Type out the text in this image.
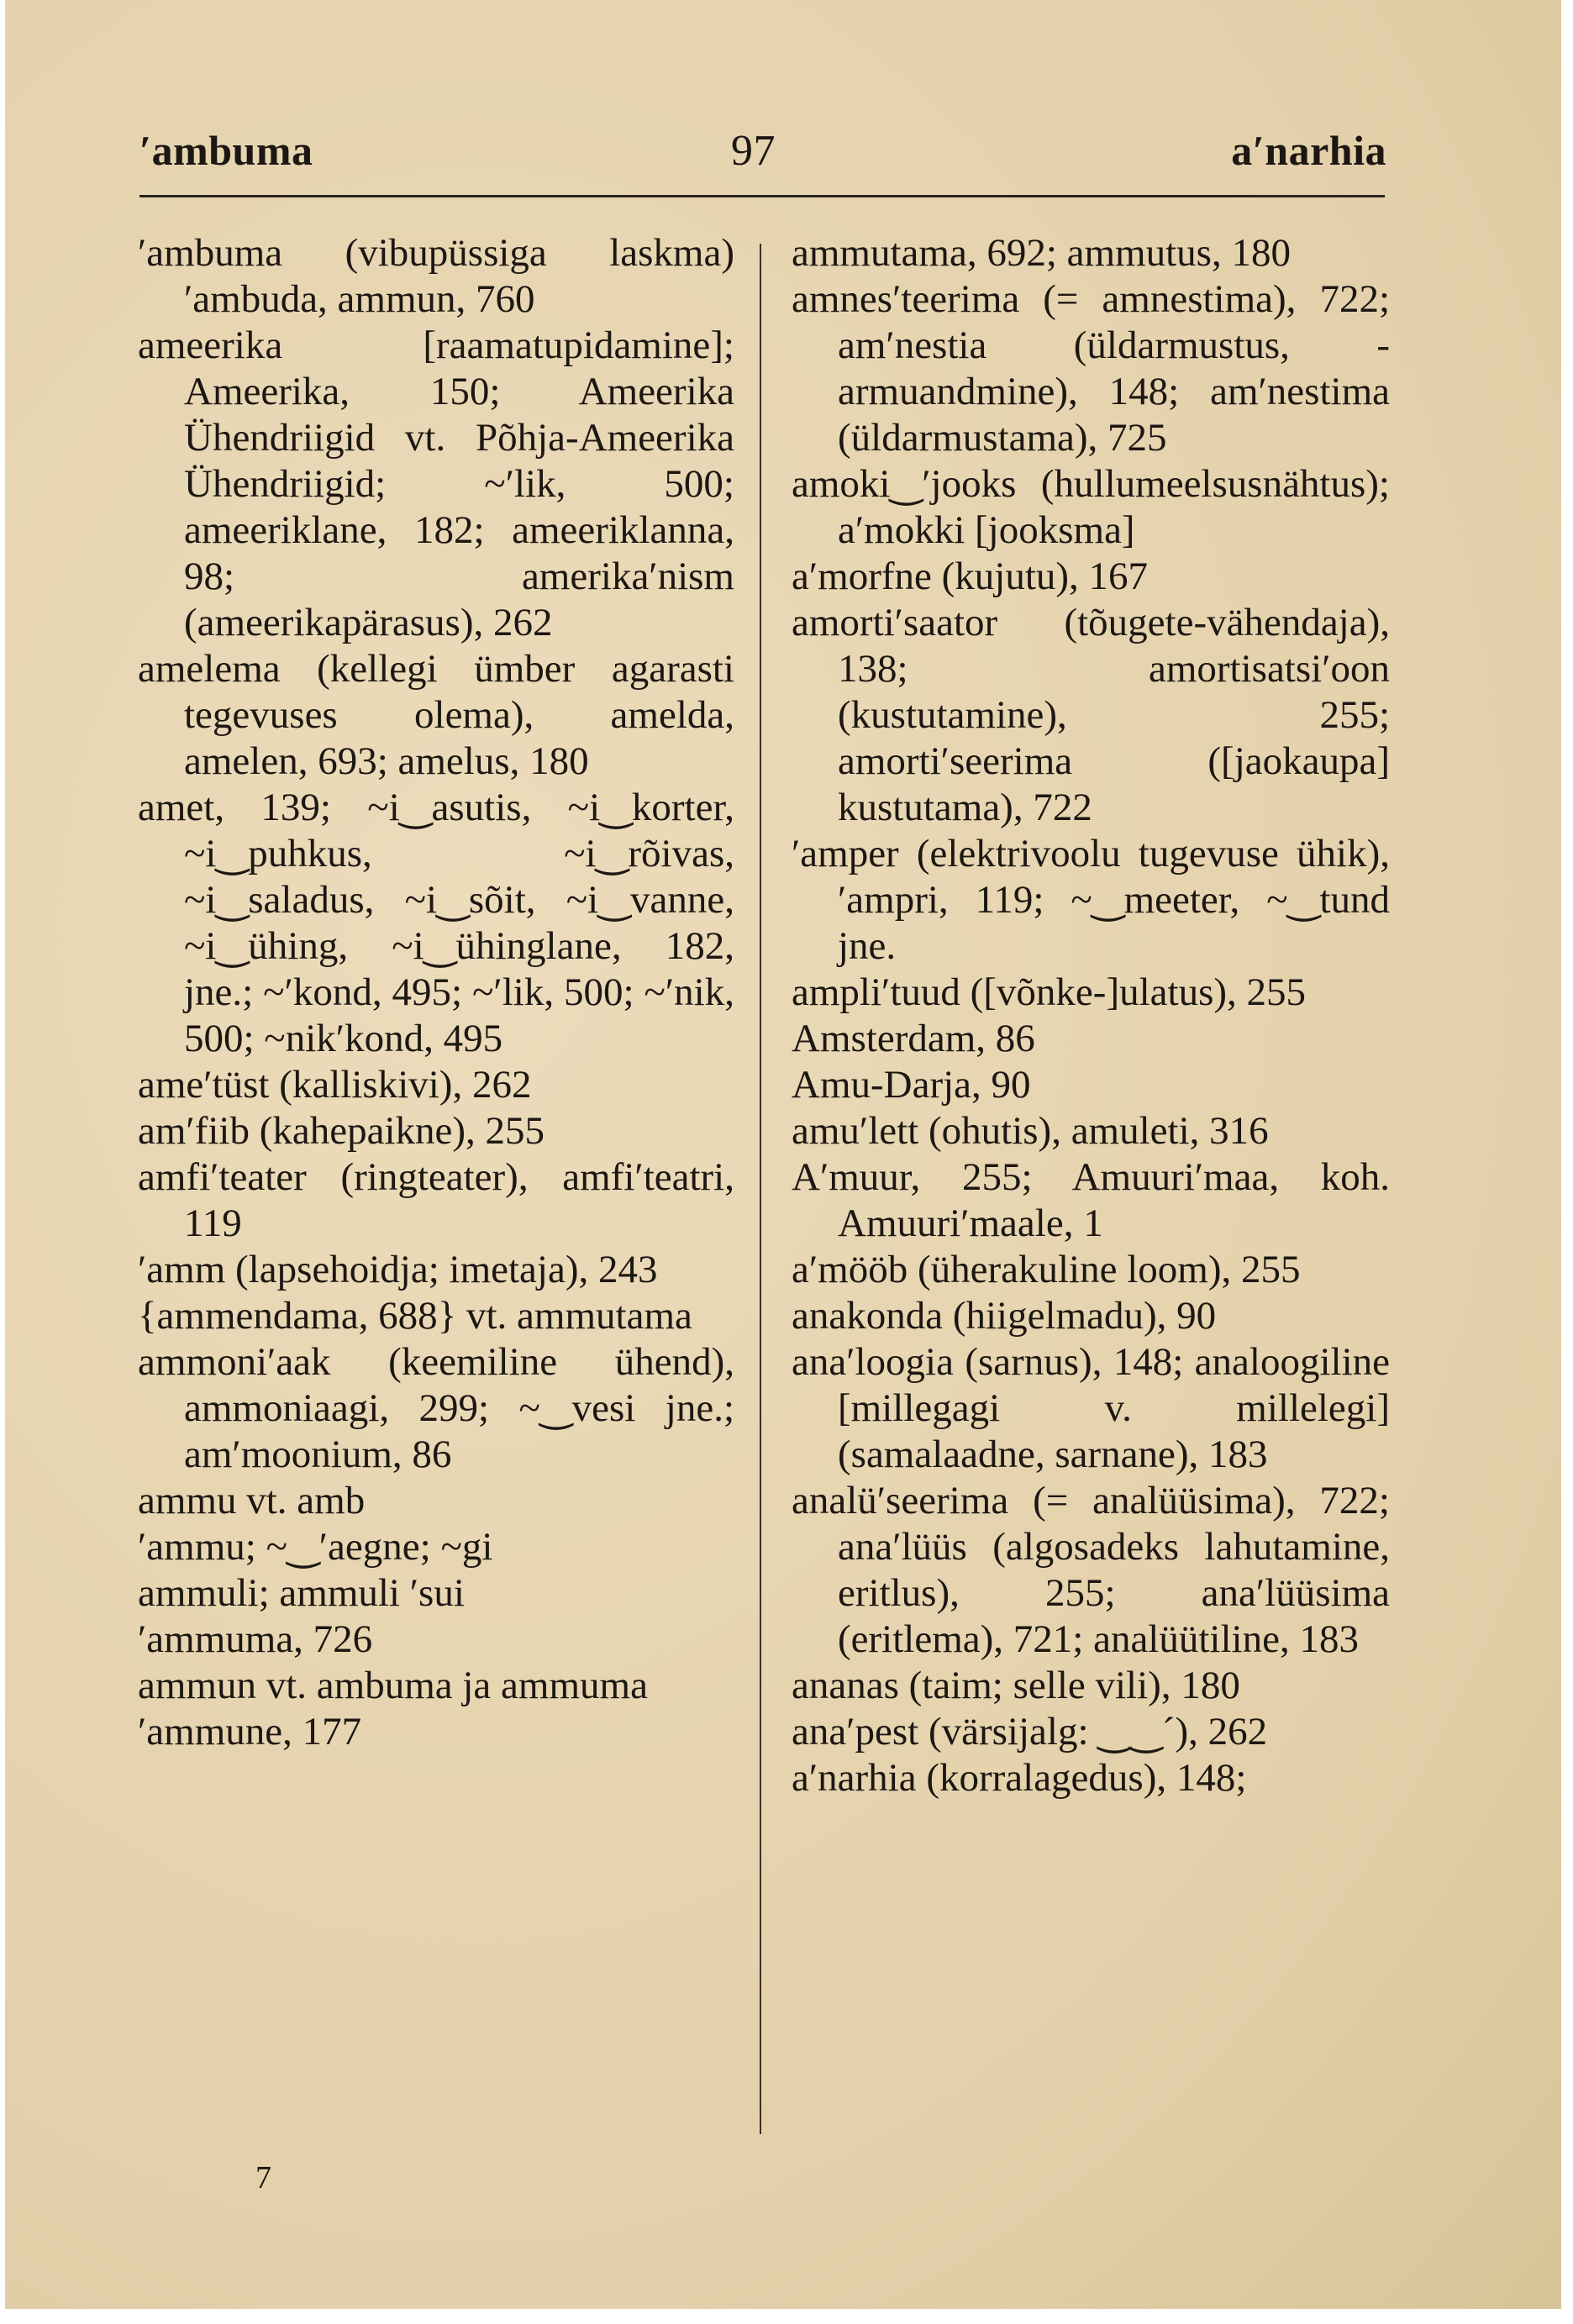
ʹambuma	97	aʹnarhia

ʹambuma (vibupüssiga laskma) ʹambuda, ammun, 760

ameerika [raamatupidamine]; Ameerika, 150; Ameerika Ühendriigid vt. Põhja-Ameerika Ühendriigid; ~ʹlik, 500; ameeriklane, 182; ameeriklanna, 98; amerikaʹnism (ameerikapärasus), 262

amelema (kellegi ümber agarasti tegevuses olema), amelda, amelen, 693; amelus, 180

amet, 139; ~i‿asutis, ~i‿korter, ~i‿puhkus, ~i‿rõivas, ~i‿saladus, ~i‿sõit, ~i‿vanne, ~i‿ühing, ~i‿ühinglane, 182, jne.; ~ʹkond, 495; ~ʹlik, 500; ~ʹnik, 500; ~nikʹkond, 495

ameʹtüst (kalliskivi), 262

amʹfiib (kahepaikne), 255

amfiʹteater (ringteater), amfiʹteatri, 119

ʹamm (lapsehoidja; imetaja), 243

{ammendama, 688} vt. ammutama

ammoniʹaak (keemiline ühend), ammoniaagi, 299; ~‿vesi jne.; amʹmoonium, 86

ammu vt. amb

ʹammu; ~‿ʹaegne; ~gi

ammuli; ammuli ʹsui

ʹammuma, 726

ammun vt. ambuma ja ammuma

ʹammune, 177

ammutama, 692; ammutus, 180

amnesʹteerima (= amnestima), 722; amʹnestia (üldarmustus, -armuandmine), 148; amʹnestima (üldarmustama), 725

amoki‿ʹjooks (hullumeelsusnähtus); aʹmokki [jooksma]

aʹmorfne (kujutu), 167

amortiʹsaator (tõugete-vähendaja), 138; amortisatsiʹoon (kustutamine), 255; amortiʹseerima ([jaokaupa] kustutama), 722

ʹamper (elektrivoolu tugevuse ühik), ʹampri, 119; ~‿meeter, ~‿tund jne.

ampliʹtuud ([võnke-]ulatus), 255

Amsterdam, 86

Amu-Darja, 90

amuʹlett (ohutis), amuleti, 316

Aʹmuur, 255; Amuuriʹmaa, koh. Amuuriʹmaale, 1

aʹmööb (üherakuline loom), 255

anakonda (hiigelmadu), 90

anaʹloogia (sarnus), 148; analoogiline [millegagi v. millelegi] (samalaadne, sarnane), 183

analüʹseerima (= analüüsima), 722; anaʹlüüs (algosadeks lahutamine, eritlus), 255; anaʹlüüsima (eritlema), 721; analüütiline, 183

ananas (taim; selle vili), 180

anaʹpest (värsijalg: ‿‿ˊ), 262

aʹnarhia (korralagedus), 148;

7
